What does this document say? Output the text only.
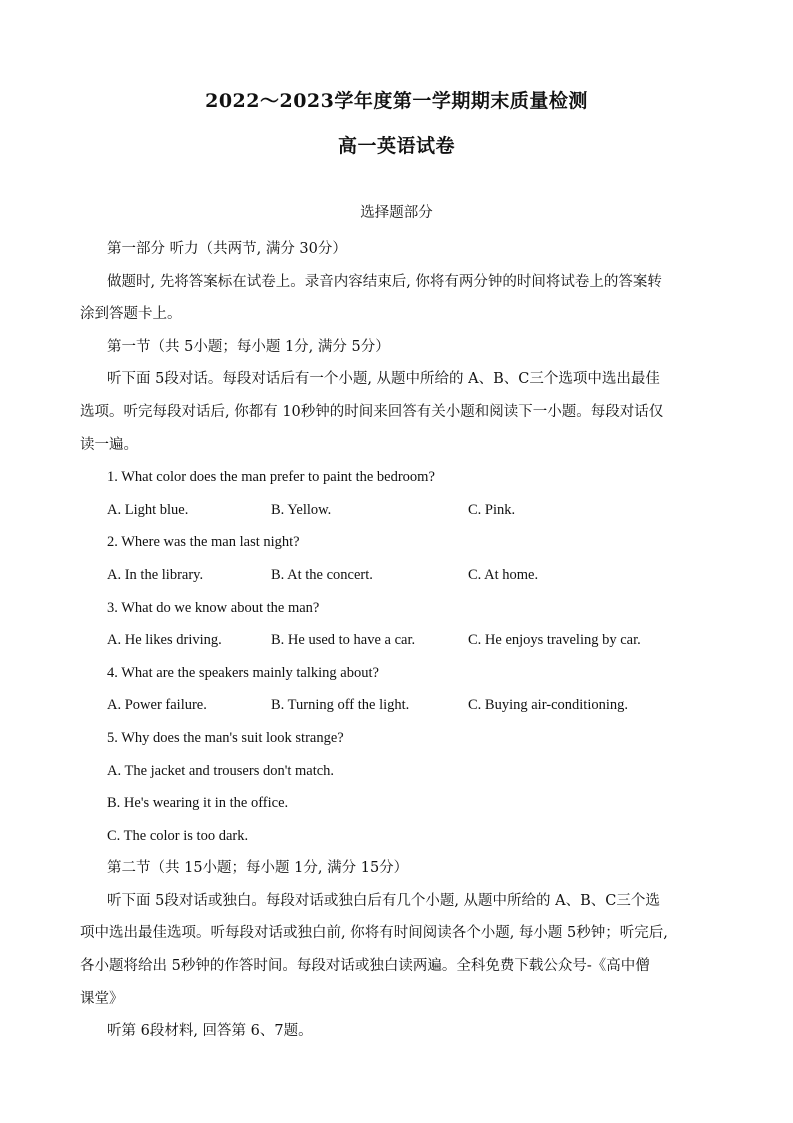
2022～2023学年度第一学期期末质量检测
高一英语试卷
选择题部分
第一部分 听力（共两节, 满分 30分）
做题时, 先将答案标在试卷上。录音内容结束后, 你将有两分钟的时间将试卷上的答案转
涂到答题卡上。
第一节（共 5小题；每小题 1分, 满分 5分）
听下面 5段对话。每段对话后有一个小题, 从题中所给的 A、B、C三个选项中选出最佳
选项。听完每段对话后, 你都有 10秒钟的时间来回答有关小题和阅读下一小题。每段对话仅
读一遍。
1. What color does the man prefer to paint the bedroom?
A. Light blue.	B. Yellow.	C. Pink.
2. Where was the man last night?
A. In the library.	B. At the concert.	C. At home.
3. What do we know about the man?
A. He likes driving.	B. He used to have a car.	C. He enjoys traveling by car.
4. What are the speakers mainly talking about?
A. Power failure.	B. Turning off the light.	C. Buying air-conditioning.
5. Why does the man's suit look strange?
A. The jacket and trousers don't match.
B. He's wearing it in the office.
C. The color is too dark.
第二节（共 15小题；每小题 1分, 满分 15分）
听下面 5段对话或独白。每段对话或独白后有几个小题, 从题中所给的 A、B、C三个选
项中选出最佳选项。听每段对话或独白前, 你将有时间阅读各个小题, 每小题 5秒钟；听完后,
各小题将给出 5秒钟的作答时间。每段对话或独白读两遍。全科免费下载公众号-《高中僧
课堂》
听第 6段材料, 回答第 6、7题。
